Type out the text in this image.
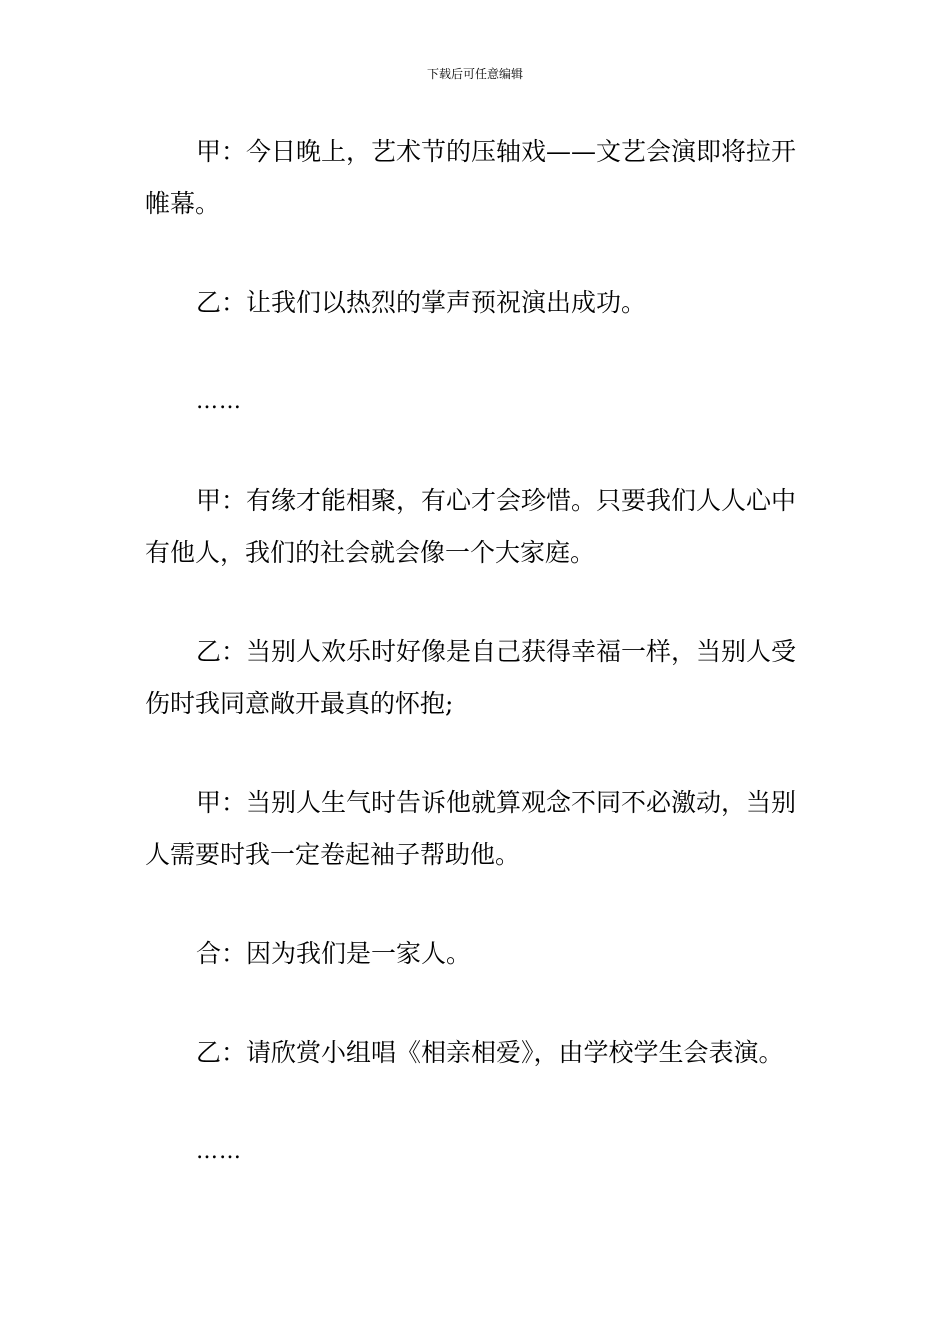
下载后可任意编辑

甲：今日晚上，艺术节的压轴戏——文艺会演即将拉开帷幕。

乙：让我们以热烈的掌声预祝演出成功。

……

甲：有缘才能相聚，有心才会珍惜。只要我们人人心中有他人，我们的社会就会像一个大家庭。

乙：当别人欢乐时好像是自己获得幸福一样，当别人受伤时我同意敞开最真的怀抱;

甲：当别人生气时告诉他就算观念不同不必激动，当别人需要时我一定卷起袖子帮助他。

合：因为我们是一家人。

乙：请欣赏小组唱《相亲相爱》，由学校学生会表演。

……
